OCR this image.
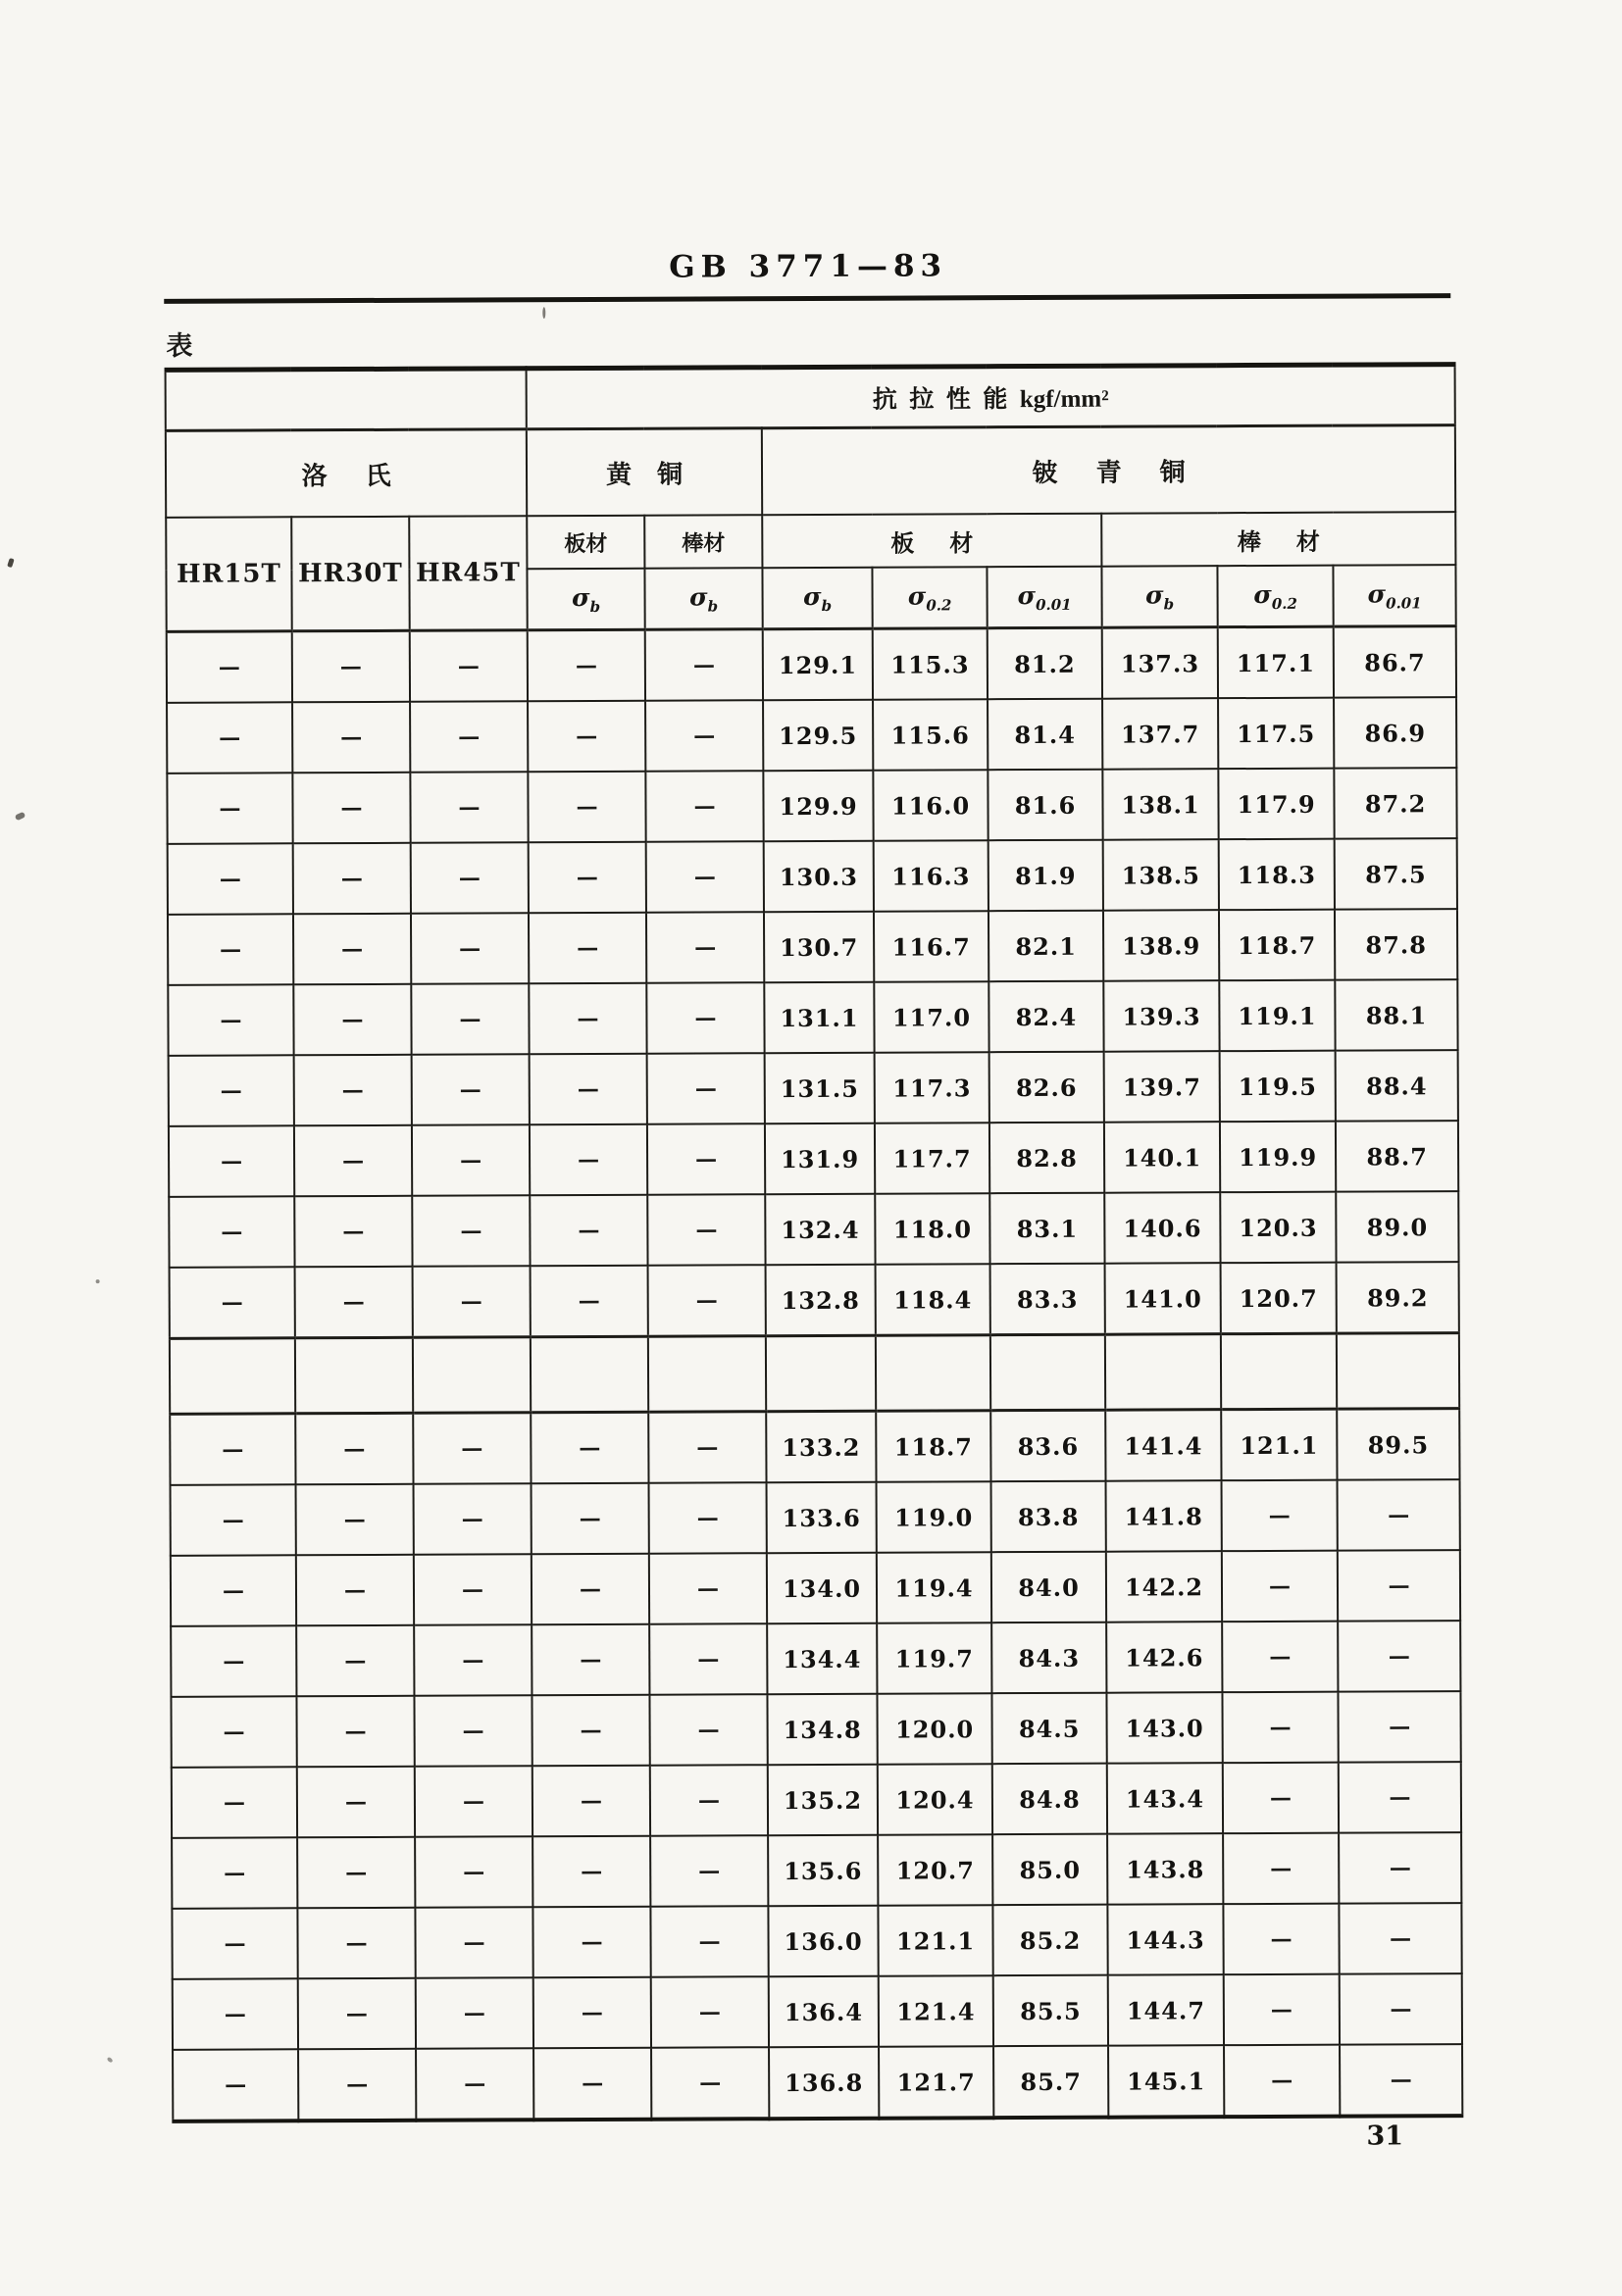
GB 3771—83
表
			抗  拉  性  能  kgf/mm²							
洛      氏			黄    铜		铍      青      铜					
HR15T	HR30T	HR45T	板材	棒材	板      材			棒      材		
			$\sigma_b$	$\sigma_b$	$\sigma_b$	$\sigma_{0.2}$	$\sigma_{0.01}$	$\sigma_b$	$\sigma_{0.2}$	$\sigma_{0.01}$
—	—	—	—	—	129.1	115.3	81.2	137.3	117.1	86.7
—	—	—	—	—	129.5	115.6	81.4	137.7	117.5	86.9
—	—	—	—	—	129.9	116.0	81.6	138.1	117.9	87.2
—	—	—	—	—	130.3	116.3	81.9	138.5	118.3	87.5
—	—	—	—	—	130.7	116.7	82.1	138.9	118.7	87.8
—	—	—	—	—	131.1	117.0	82.4	139.3	119.1	88.1
—	—	—	—	—	131.5	117.3	82.6	139.7	119.5	88.4
—	—	—	—	—	131.9	117.7	82.8	140.1	119.9	88.7
—	—	—	—	—	132.4	118.0	83.1	140.6	120.3	89.0
—	—	—	—	—	132.8	118.4	83.3	141.0	120.7	89.2

—	—	—	—	—	133.2	118.7	83.6	141.4	121.1	89.5
—	—	—	—	—	133.6	119.0	83.8	141.8	—	—
—	—	—	—	—	134.0	119.4	84.0	142.2	—	—
—	—	—	—	—	134.4	119.7	84.3	142.6	—	—
—	—	—	—	—	134.8	120.0	84.5	143.0	—	—
—	—	—	—	—	135.2	120.4	84.8	143.4	—	—
—	—	—	—	—	135.6	120.7	85.0	143.8	—	—
—	—	—	—	—	136.0	121.1	85.2	144.3	—	—
—	—	—	—	—	136.4	121.4	85.5	144.7	—	—
—	—	—	—	—	136.8	121.7	85.7	145.1	—	—
31
